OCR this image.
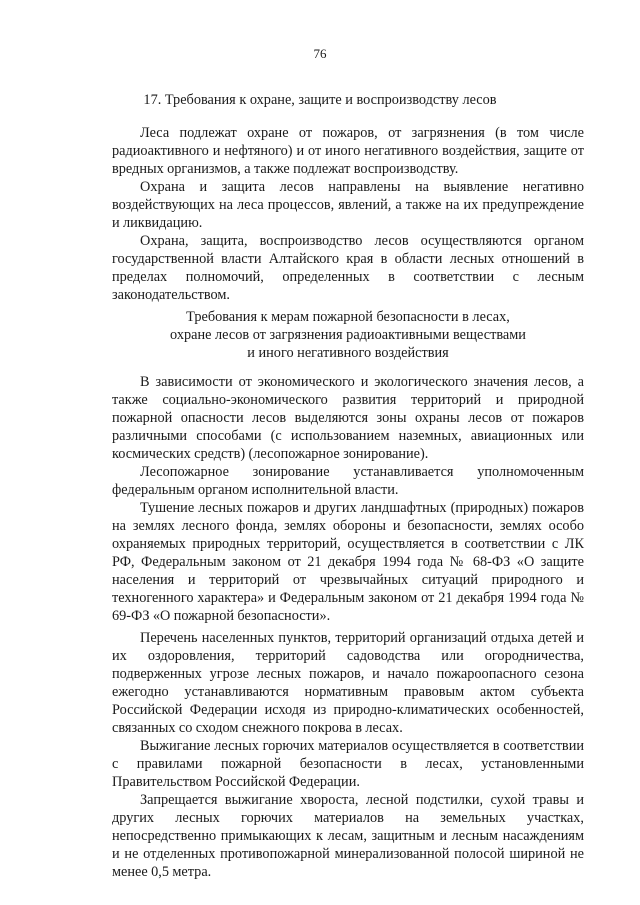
76
17. Требования к охране, защите и воспроизводству лесов

Леса подлежат охране от пожаров, от загрязнения (в том числе радиоактивного и нефтяного) и от иного негативного воздействия, защите от вредных организмов, а также подлежат воспроизводству.

Охрана и защита лесов направлены на выявление негативно воздействующих на леса процессов, явлений, а также на их предупреждение и ликвидацию.

Охрана, защита, воспроизводство лесов осуществляются органом государственной власти Алтайского края в области лесных отношений в пределах полномочий, определенных в соответствии с лесным законодательством.

Требования к мерам пожарной безопасности в лесах,
охране лесов от загрязнения радиоактивными веществами
и иного негативного воздействия

В зависимости от экономического и экологического значения лесов, а также социально-экономического развития территорий и природной пожарной опасности лесов выделяются зоны охраны лесов от пожаров различными способами (с использованием наземных, авиационных или космических средств) (лесопожарное зонирование).

Лесопожарное зонирование устанавливается уполномоченным федеральным органом исполнительной власти.

Тушение лесных пожаров и других ландшафтных (природных) пожаров на землях лесного фонда, землях обороны и безопасности, землях особо охраняемых природных территорий, осуществляется в соответствии с ЛК РФ, Федеральным законом от 21 декабря 1994 года № 68-ФЗ «О защите населения и территорий от чрезвычайных ситуаций природного и техногенного характера» и Федеральным законом от 21 декабря 1994 года № 69-ФЗ «О пожарной безопасности».

Перечень населенных пунктов, территорий организаций отдыха детей и их оздоровления, территорий садоводства или огородничества, подверженных угрозе лесных пожаров, и начало пожароопасного сезона ежегодно устанавливаются нормативным правовым актом субъекта Российской Федерации исходя из природно-климатических особенностей, связанных со сходом снежного покрова в лесах.

Выжигание лесных горючих материалов осуществляется в соответствии с правилами пожарной безопасности в лесах, установленными Правительством Российской Федерации.

Запрещается выжигание хвороста, лесной подстилки, сухой травы и других лесных горючих материалов на земельных участках, непосредственно примыкающих к лесам, защитным и лесным насаждениям и не отделенных противопожарной минерализованной полосой шириной не менее 0,5 метра.
